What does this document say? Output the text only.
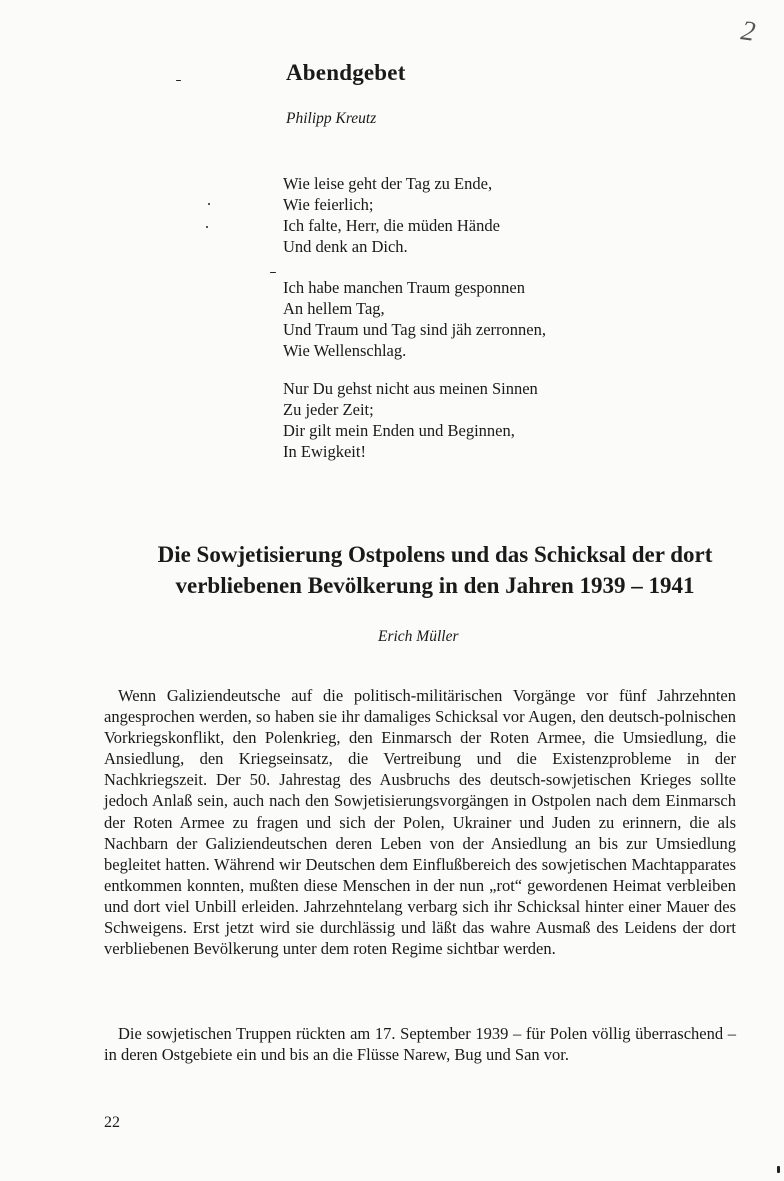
2
Abendgebet
Philipp Kreutz
Wie leise geht der Tag zu Ende,
Wie feierlich;
Ich falte, Herr, die müden Hände
Und denk an Dich.
Ich habe manchen Traum gesponnen
An hellem Tag,
Und Traum und Tag sind jäh zerronnen,
Wie Wellenschlag.
Nur Du gehst nicht aus meinen Sinnen
Zu jeder Zeit;
Dir gilt mein Enden und Beginnen,
In Ewigkeit!
Die Sowjetisierung Ostpolens und das Schicksal der dort
verbliebenen Bevölkerung in den Jahren 1939 – 1941
Erich Müller

Wenn Galiziendeutsche auf die politisch-militärischen Vorgänge vor fünf Jahrzehnten angesprochen werden, so haben sie ihr damaliges Schicksal vor Augen, den deutsch-polnischen Vorkriegskonflikt, den Polenkrieg, den Einmarsch der Roten Armee, die Umsiedlung, die Ansiedlung, den Kriegseinsatz, die Vertreibung und die Existenzprobleme in der Nachkriegszeit. Der 50. Jahrestag des Ausbruchs des deutsch-sowjetischen Krieges sollte jedoch Anlaß sein, auch nach den Sowjetisierungsvorgängen in Ostpolen nach dem Einmarsch der Roten Armee zu fragen und sich der Polen, Ukrainer und Juden zu erinnern, die als Nachbarn der Galiziendeutschen deren Leben von der Ansiedlung an bis zur Umsiedlung begleitet hatten. Während wir Deutschen dem Einflußbereich des sowjetischen Machtapparates entkommen konnten, mußten diese Menschen in der nun „rot“ gewordenen Heimat verbleiben und dort viel Unbill erleiden. Jahrzehntelang verbarg sich ihr Schicksal hinter einer Mauer des Schweigens. Erst jetzt wird sie durchlässig und läßt das wahre Ausmaß des Leidens der dort verbliebenen Bevölkerung unter dem roten Regime sichtbar werden.

Die sowjetischen Truppen rückten am 17. September 1939 – für Polen völlig überraschend – in deren Ostgebiete ein und bis an die Flüsse Narew, Bug und San vor.

22
